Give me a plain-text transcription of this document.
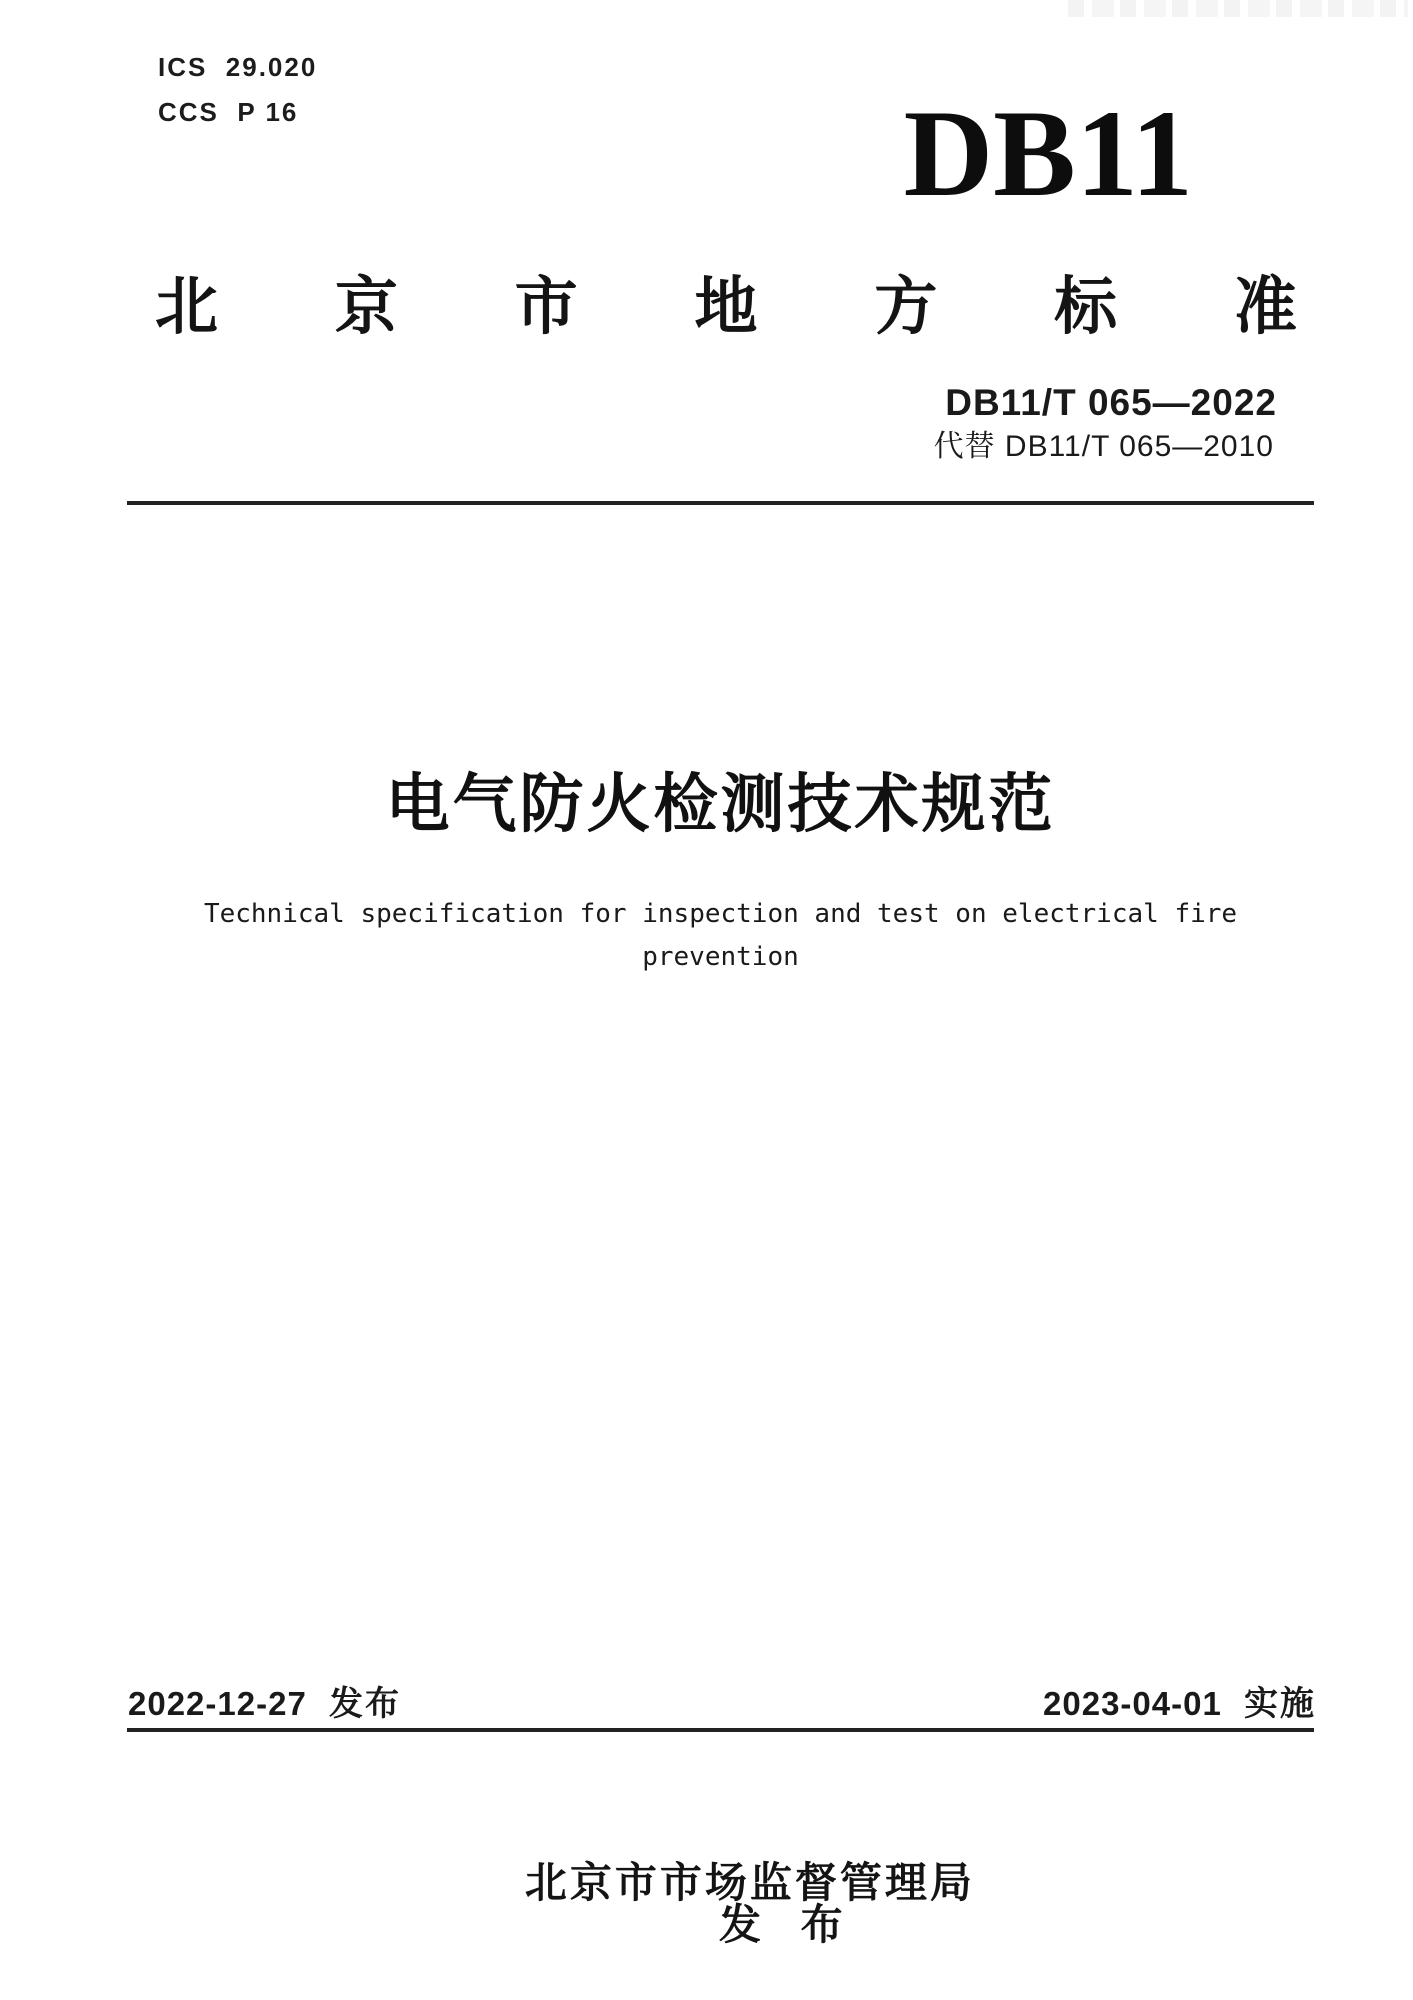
ICS  29.020
CCS  P 16	DB11
北 京 市 地 方 标 准
DB11/T 065—2022
代替 DB11/T 065—2010
电气防火检测技术规范
Technical specification for inspection and test on electrical fire
prevention
2022-12-27 发布	2023-04-01 实施

北京市市场监督管理局
发 布
